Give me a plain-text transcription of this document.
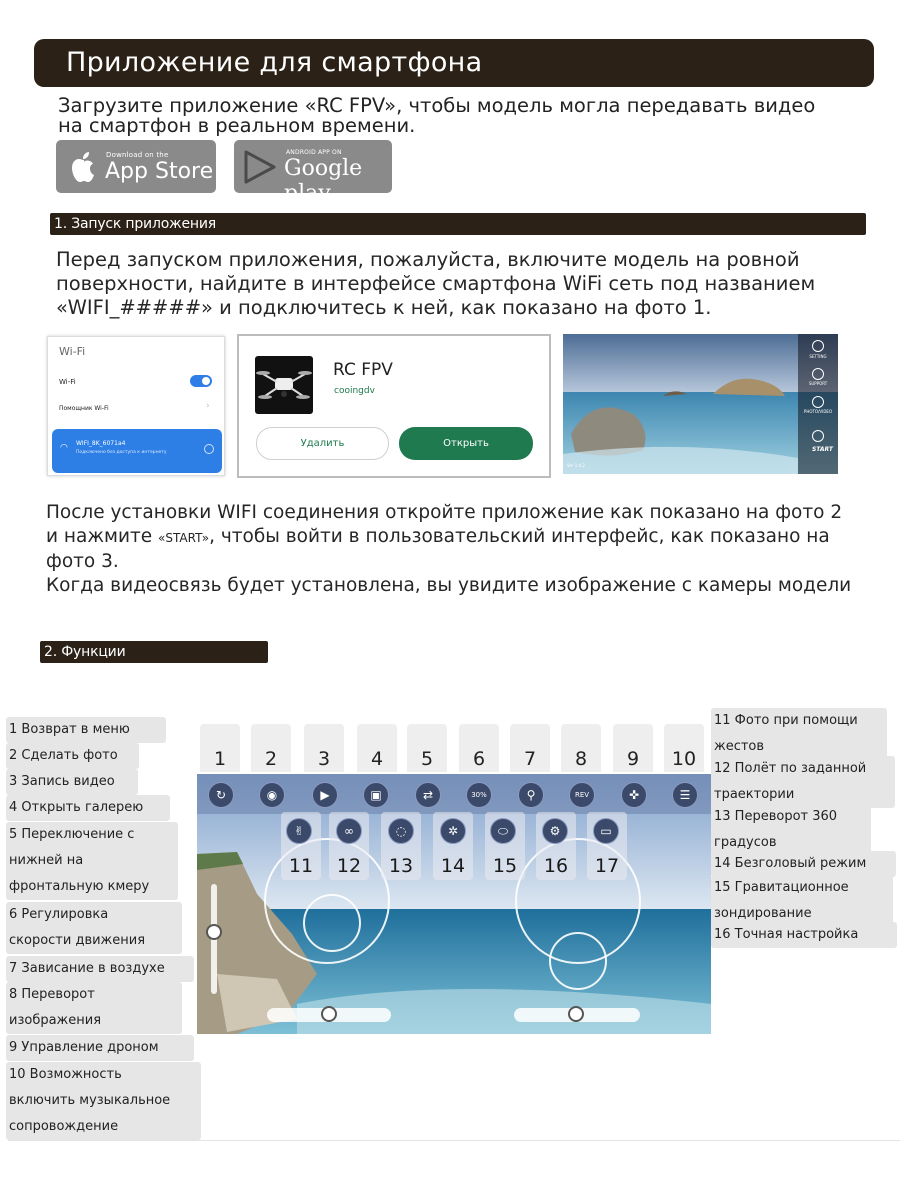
Приложение для смартфона
Загрузите приложение «RC FPV», чтобы модель могла передавать видео
на смартфон в реальном времени.
Download on the
App Store
ANDROID APP ON
Google play
1. Запуск приложения
Перед запуском приложения, пожалуйста, включите модель на ровной
поверхности, найдите в интерфейсе смартфона WiFi сеть под названием
«WIFI_#####» и подключитесь к ней, как показано на фото 1.
Wi-Fi
Wi-Fi
Помощник Wi-Fi	›
◠ WIFI_8K_6071a4
Подключено без доступа к интернету
RC FPV
cooingdv
Удалить	Открыть
SETTING
SUPPORT
PHOTO/VIDEO
START
Ver 1.4.2
После установки WIFI соединения откройте приложение как показано на фото 2
и нажмите «START», чтобы войти в пользовательский интерфейс, как показано на
фото 3.
Когда видеосвязь будет установлена, вы увидите изображение с камеры модели
2. Функции
1 Возврат в меню
2 Сделать фото
3 Запись видео
4 Открыть галерею
5 Переключение с
нижней на
фронтальную кмеру
6 Регулировка
скорости движения
7 Зависание в воздухе
8 Переворот
изображения
9 Управление дроном
10 Возможность
включить музыкальное
сопровождение
11 Фото при помощи
жестов
12 Полёт по заданной
траектории
13 Переворот 360
градусов
14 Безголовый режим
15 Гравитационное
зондирование
16 Точная настройка
1	2	3	4	5	6	7	8	9	10
↻	◉	▶	▣	⇄	30%	⚲	REV	✜	☰
11	12	13	14	15	16	17
✌	∞	◌	✲	⬭	⚙	▭
